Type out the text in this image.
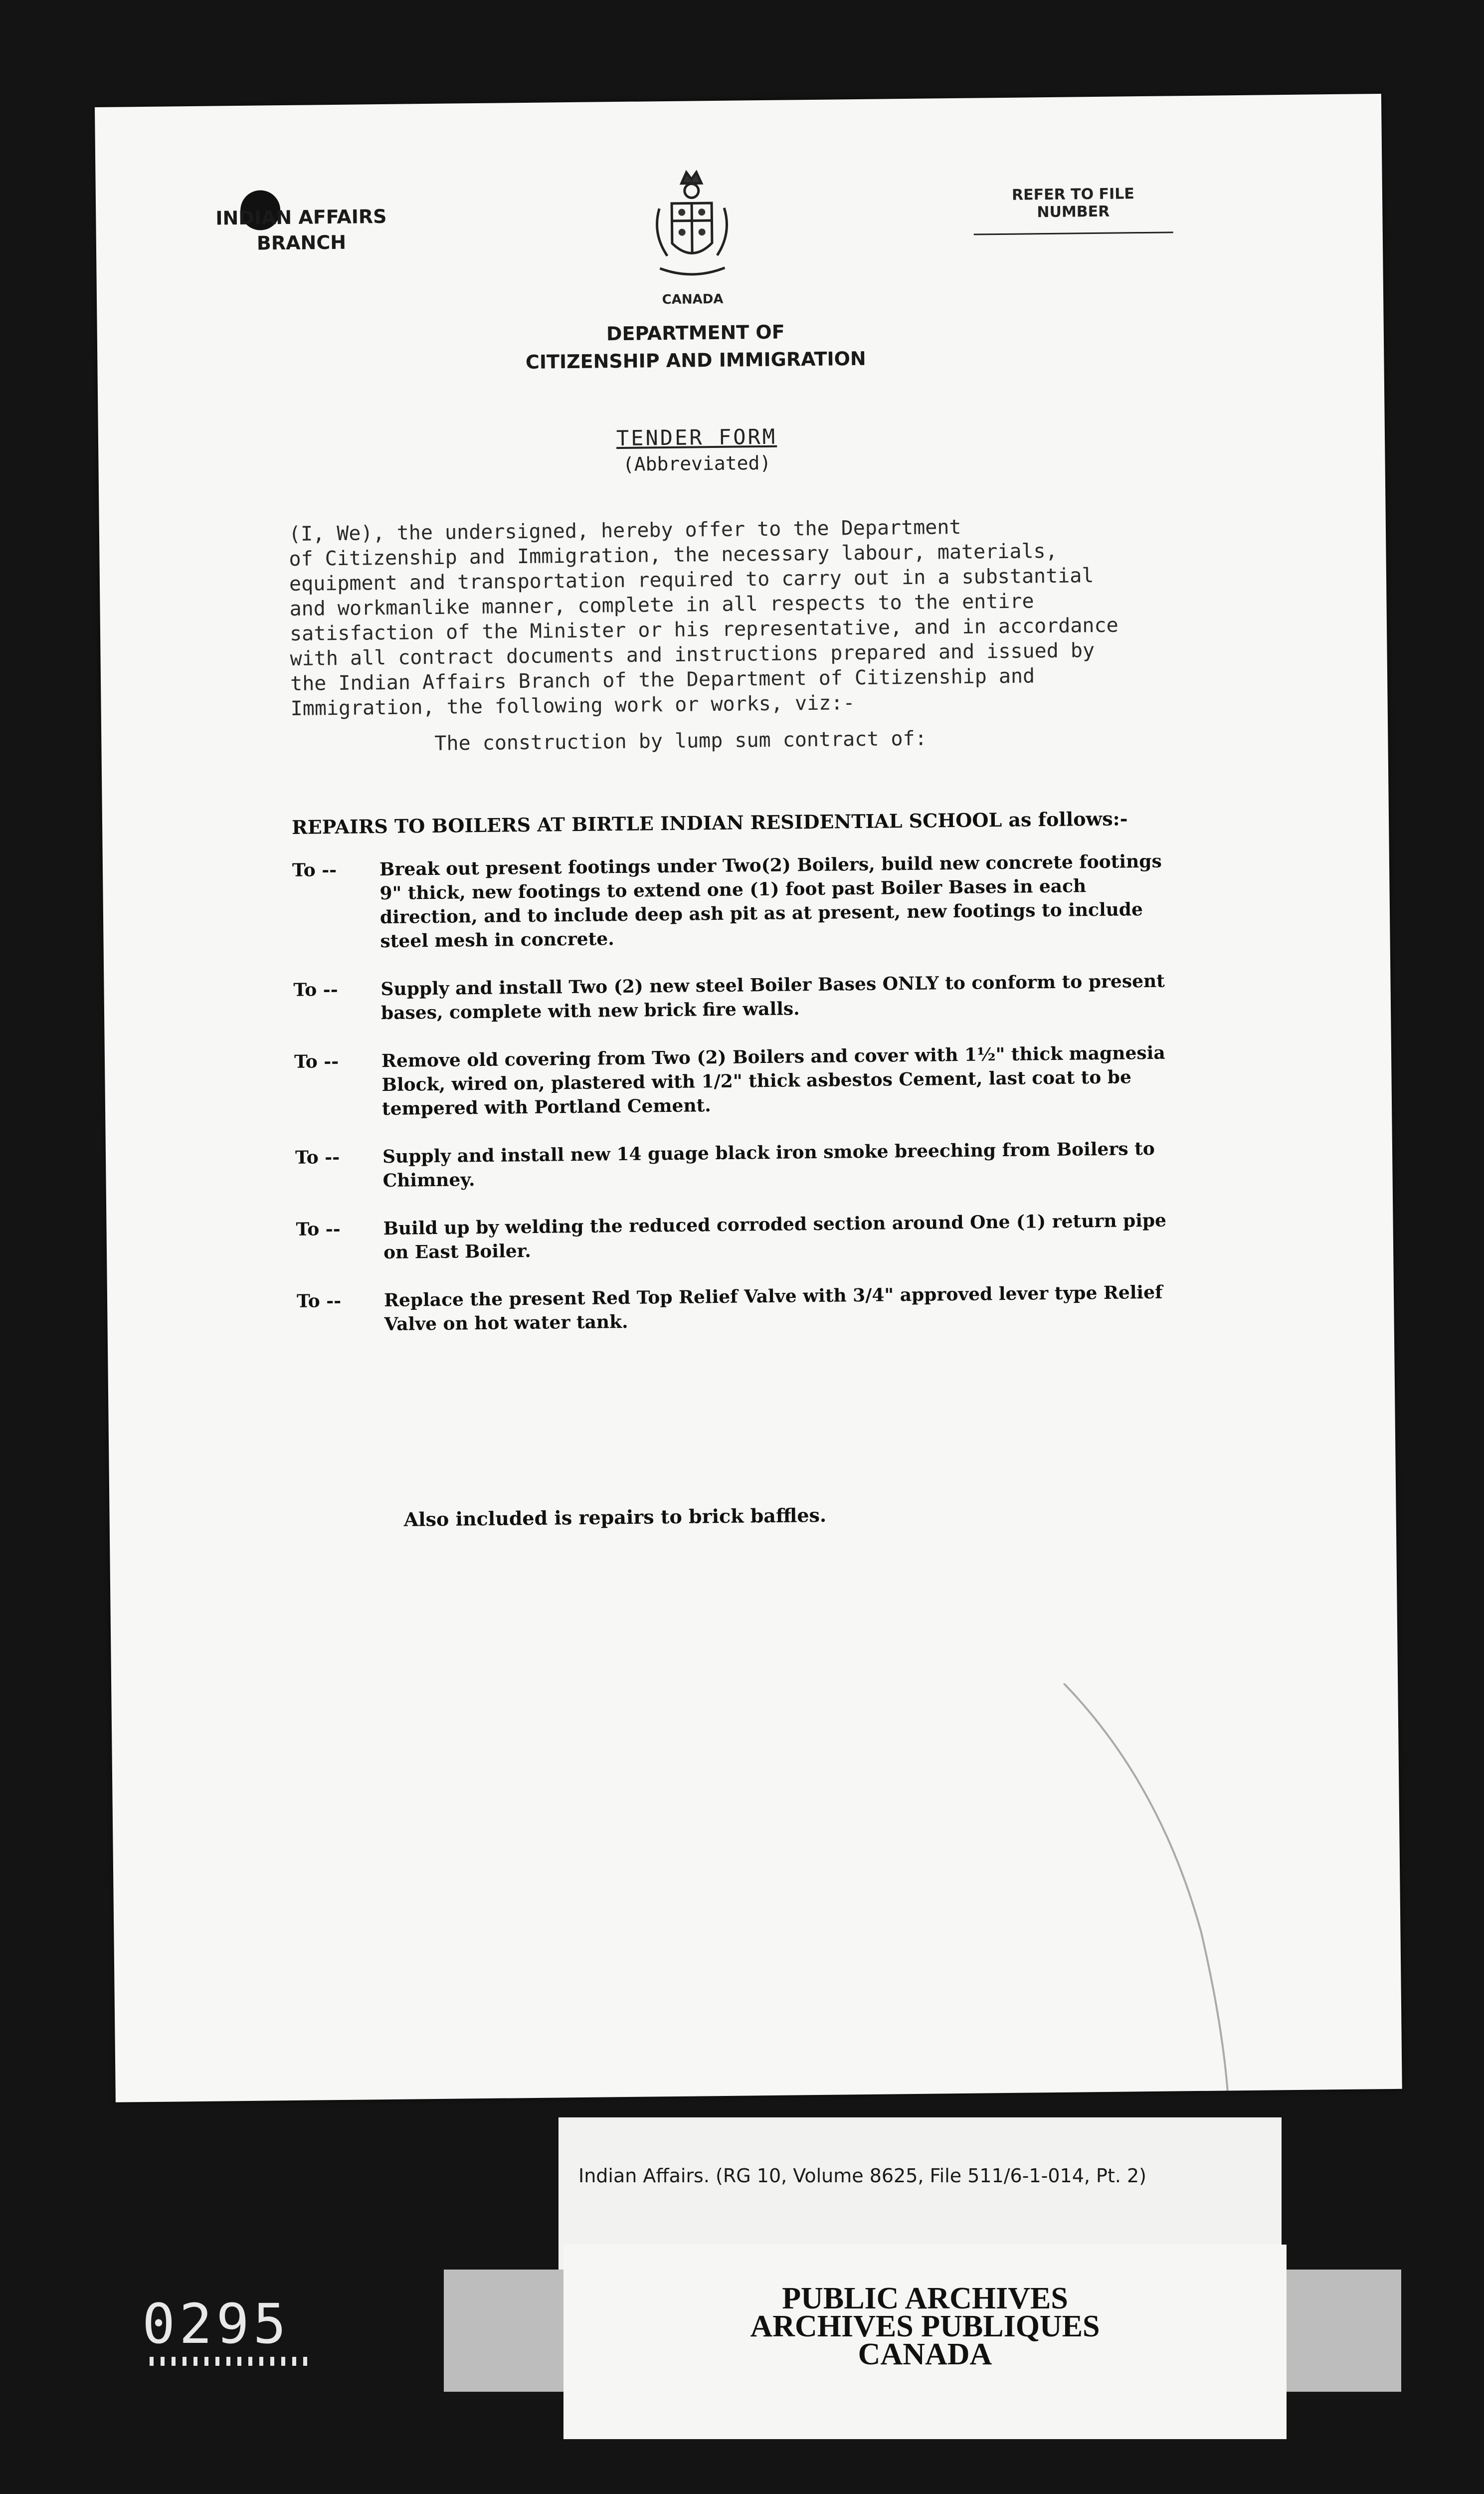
INDIAN AFFAIRS
BRANCH
CANADA
DEPARTMENT OF
CITIZENSHIP AND IMMIGRATION
REFER TO FILE NUMBER
TENDER FORM
(Abbreviated)
(I, We), the undersigned, hereby offer to the Department
of Citizenship and Immigration, the necessary labour, materials,
equipment and transportation required to carry out in a substantial
and workmanlike manner, complete in all respects to the entire
satisfaction of the Minister or his representative, and in accordance
with all contract documents and instructions prepared and issued by
the Indian Affairs Branch of the Department of Citizenship and
Immigration, the following work or works, viz:-
The construction by lump sum contract of:
REPAIRS TO BOILERS AT BIRTLE INDIAN RESIDENTIAL SCHOOL as follows:-
To --	Break out present footings under Two(2) Boilers, build new concrete footings 9" thick, new footings to extend one (1) foot past Boiler Bases in each direction, and to include deep ash pit as at present, new footings to include steel mesh in concrete.
To --	Supply and install Two (2) new steel Boiler Bases ONLY to conform to present bases, complete with new brick fire walls.
To --	Remove old covering from Two (2) Boilers and cover with 1½" thick magnesia Block, wired on, plastered with 1/2" thick asbestos Cement, last coat to be tempered with Portland Cement.
To --	Supply and install new 14 guage black iron smoke breeching from Boilers to Chimney.
To --	Build up by welding the reduced corroded section around One (1) return pipe on East Boiler.
To --	Replace the present Red Top Relief Valve with 3/4" approved lever type Relief Valve on hot water tank.
Also included is repairs to brick baffles.
Indian Affairs. (RG 10, Volume 8625, File 511/6-1-014, Pt. 2)
PUBLIC ARCHIVES
ARCHIVES PUBLIQUES
CANADA
0295
